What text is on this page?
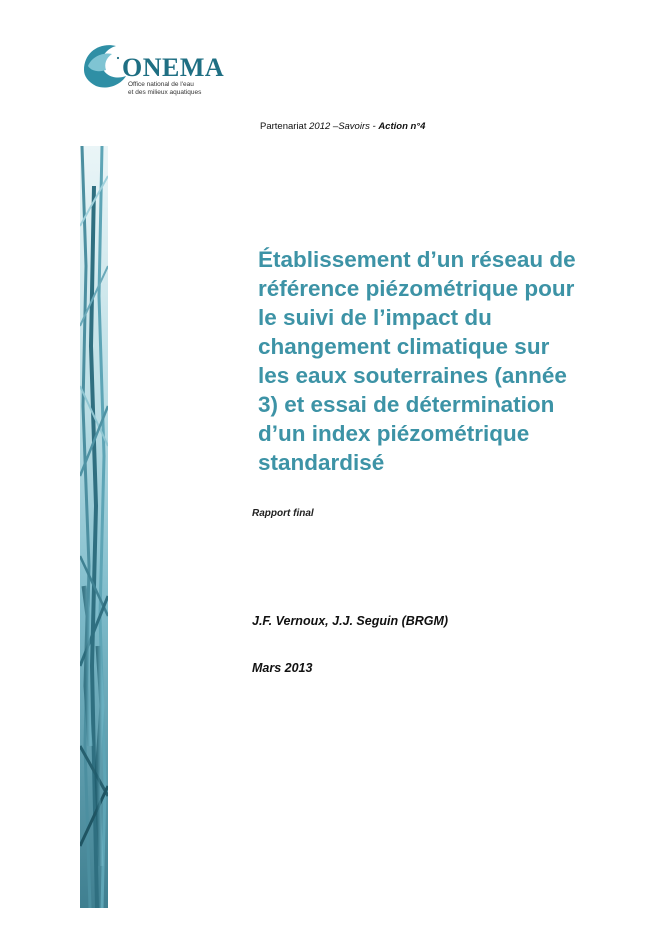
ONEMA
Office national de l'eau
et des milieux aquatiques
Partenariat 2012 –Savoirs - Action n°4
Établissement d’un réseau de
référence piézométrique pour
le suivi de l’impact du
changement climatique sur
les eaux souterraines (année
3) et essai de détermination
d’un index piézométrique
standardisé
Rapport final
J.F. Vernoux, J.J. Seguin (BRGM)
Mars 2013
